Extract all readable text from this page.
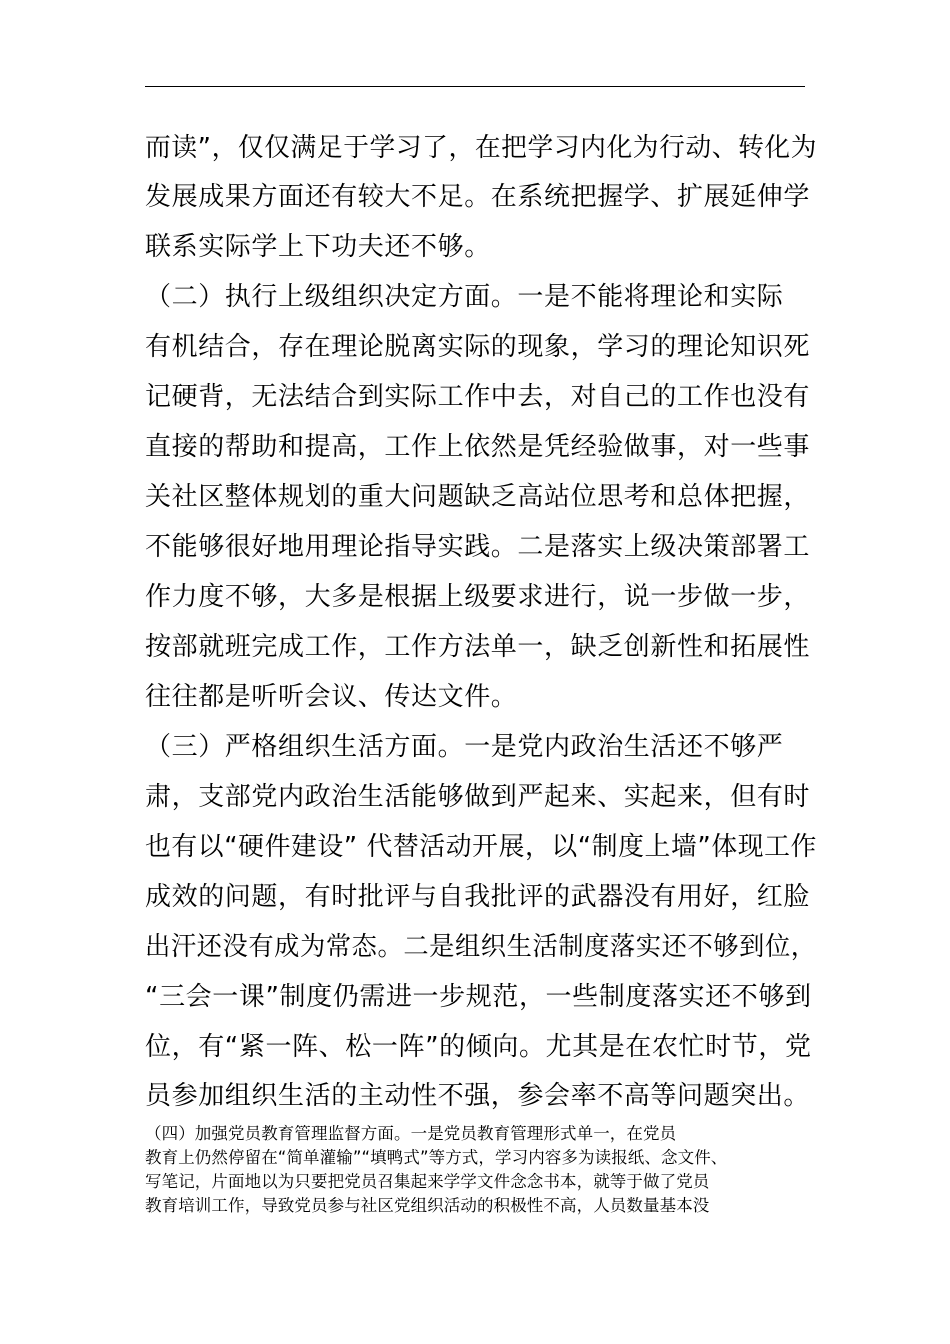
而读”，仅仅满足于学习了，在把学习内化为行动、转化为
发展成果方面还有较大不足。在系统把握学、扩展延伸学
联系实际学上下功夫还不够。
（二）执行上级组织决定方面。一是不能将理论和实际
有机结合，存在理论脱离实际的现象，学习的理论知识死
记硬背，无法结合到实际工作中去，对自己的工作也没有
直接的帮助和提高，工作上依然是凭经验做事，对一些事
关社区整体规划的重大问题缺乏高站位思考和总体把握，
不能够很好地用理论指导实践。二是落实上级决策部署工
作力度不够，大多是根据上级要求进行，说一步做一步，
按部就班完成工作，工作方法单一，缺乏创新性和拓展性
往往都是听听会议、传达文件。
（三）严格组织生活方面。一是党内政治生活还不够严
肃，支部党内政治生活能够做到严起来、实起来，但有时
也有以“硬件建设” 代替活动开展，以“制度上墙”体现工作
成效的问题，有时批评与自我批评的武器没有用好，红脸
出汗还没有成为常态。二是组织生活制度落实还不够到位，
“三会一课”制度仍需进一步规范，一些制度落实还不够到
位，有“紧一阵、松一阵”的倾向。尤其是在农忙时节，党
员参加组织生活的主动性不强，参会率不高等问题突出。
（四）加强党员教育管理监督方面。一是党员教育管理形式单一，在党员
教育上仍然停留在“简单灌输”“填鸭式”等方式，学习内容多为读报纸、念文件、
写笔记，片面地以为只要把党员召集起来学学文件念念书本，就等于做了党员
教育培训工作，导致党员参与社区党组织活动的积极性不高，人员数量基本没
